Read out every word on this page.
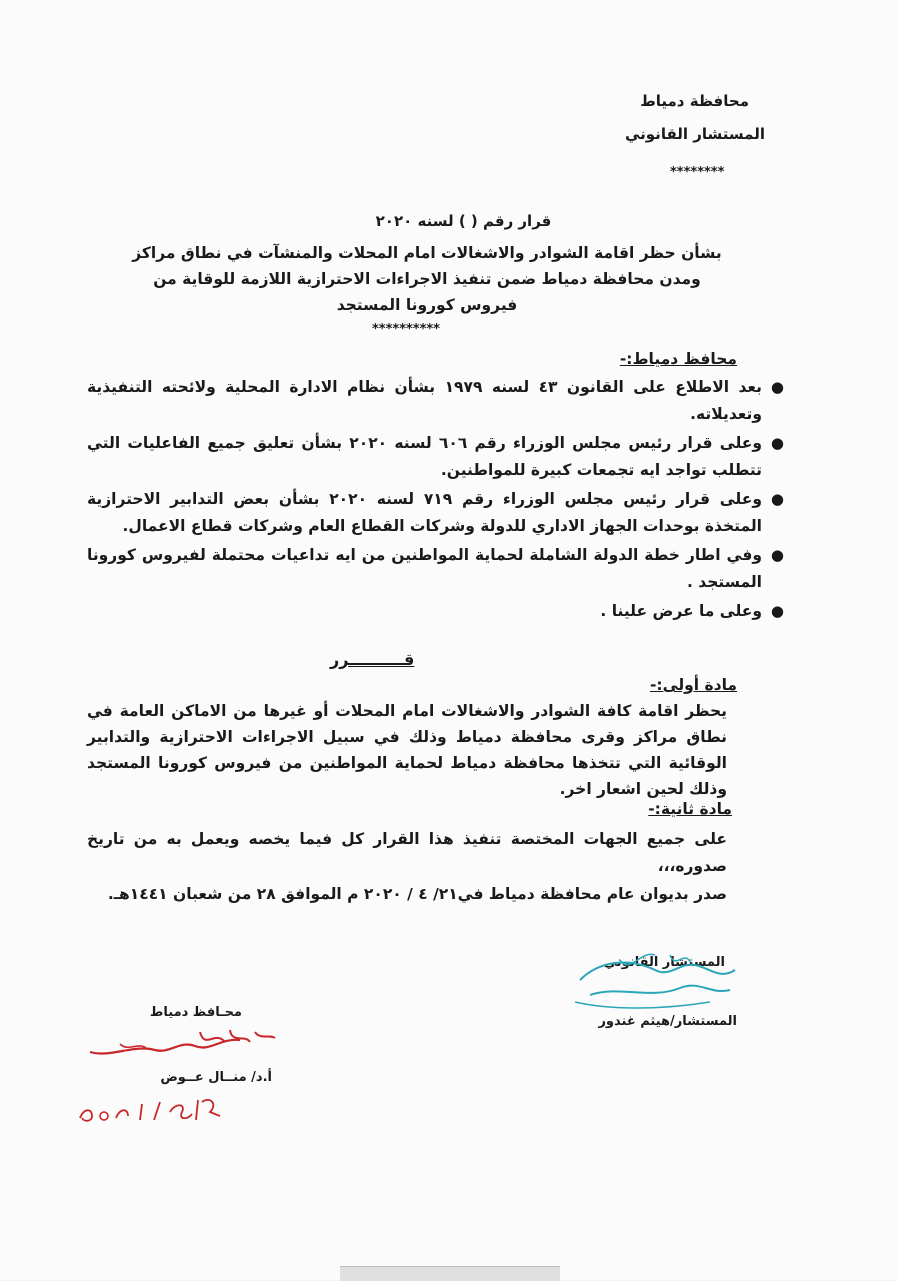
محافظة دمياط
المستشار القانوني
********
قرار رقم ( ) لسنه ٢٠٢٠
بشأن حظر اقامة الشوادر والاشغالات امام المحلات والمنشآت في نطاق مراكز ومدن محافظة دمياط ضمن تنفيذ الاجراءات الاحترازية اللازمة للوقاية من فيروس كورونا المستجد
**********
محافظ دمياط:-
●
بعد الاطلاع على القانون ٤٣ لسنه ١٩٧٩ بشأن نظام الادارة المحلية ولائحته التنفيذية وتعديلاته.
●
وعلى قرار رئيس مجلس الوزراء رقم ٦٠٦ لسنه ٢٠٢٠ بشأن تعليق جميع الفاعليات التي تتطلب تواجد ايه تجمعات كبيرة للمواطنين.
●
وعلى قرار رئيس مجلس الوزراء رقم ٧١٩ لسنه ٢٠٢٠ بشأن بعض التدابير الاحترازية المتخذة بوحدات الجهاز الاداري للدولة وشركات القطاع العام وشركات قطاع الاعمال.
●
وفي اطار خطة الدولة الشاملة لحماية المواطنين من ايه تداعيات محتملة لفيروس كورونا المستجد .
●
وعلى ما عرض علينا .
قــــــــــرر
مادة أولى:-
يحظر اقامة كافة الشوادر والاشغالات امام المحلات أو غيرها من الاماكن العامة في نطاق مراكز وقرى محافظة دمياط وذلك في سبيل الاجراءات الاحترازية والتدابير الوقائية التي تتخذها محافظة دمياط لحماية المواطنين من فيروس كورونا المستجد وذلك لحين اشعار اخر.
مادة ثانية:-
على جميع الجهات المختصة تنفيذ هذا القرار كل فيما يخصه ويعمل به من تاريخ صدوره،،،
صدر بديوان عام محافظة دمياط في٢١/ ٤ / ٢٠٢٠ م الموافق ٢٨ من شعبان ١٤٤١هـ.
المستشار القانوني
المستشار/هيثم غندور
محـافظ دمياط
أ.د/ منــال عــوض
